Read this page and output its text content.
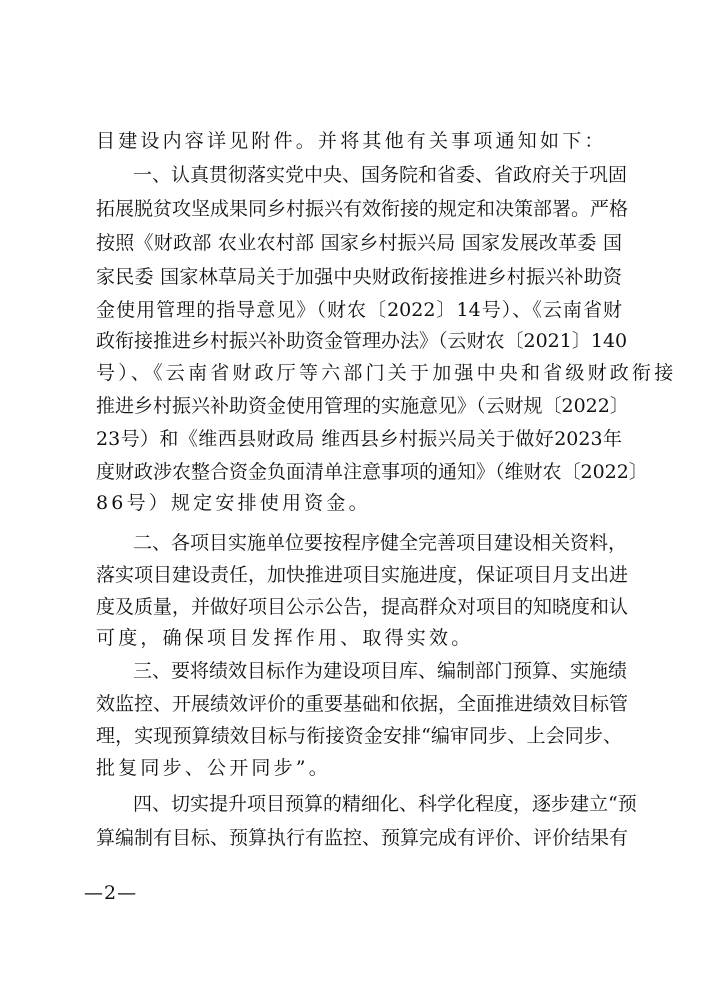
目建设内容详见附件。并将其他有关事项通知如下：
一、认真贯彻落实党中央、国务院和省委、省政府关于巩固
拓展脱贫攻坚成果同乡村振兴有效衔接的规定和决策部署。严格
按照《财政部 农业农村部 国家乡村振兴局 国家发展改革委 国
家民委 国家林草局关于加强中央财政衔接推进乡村振兴补助资
金使用管理的指导意见》（财农〔2022〕14号）、《云南省财
政衔接推进乡村振兴补助资金管理办法》（云财农〔2021〕140
号）、《云南省财政厅等六部门关于加强中央和省级财政衔接
推进乡村振兴补助资金使用管理的实施意见》（云财规〔2022〕
23号）和《维西县财政局 维西县乡村振兴局关于做好2023年
度财政涉农整合资金负面清单注意事项的通知》（维财农〔2022〕
86号）规定安排使用资金。
二、各项目实施单位要按程序健全完善项目建设相关资料，
落实项目建设责任，加快推进项目实施进度，保证项目月支出进
度及质量，并做好项目公示公告，提高群众对项目的知晓度和认
可度，确保项目发挥作用、取得实效。
三、要将绩效目标作为建设项目库、编制部门预算、实施绩
效监控、开展绩效评价的重要基础和依据，全面推进绩效目标管
理，实现预算绩效目标与衔接资金安排“编审同步、上会同步、
批复同步、公开同步”。
四、切实提升项目预算的精细化、科学化程度，逐步建立“预
算编制有目标、预算执行有监控、预算完成有评价、评价结果有
—2—
